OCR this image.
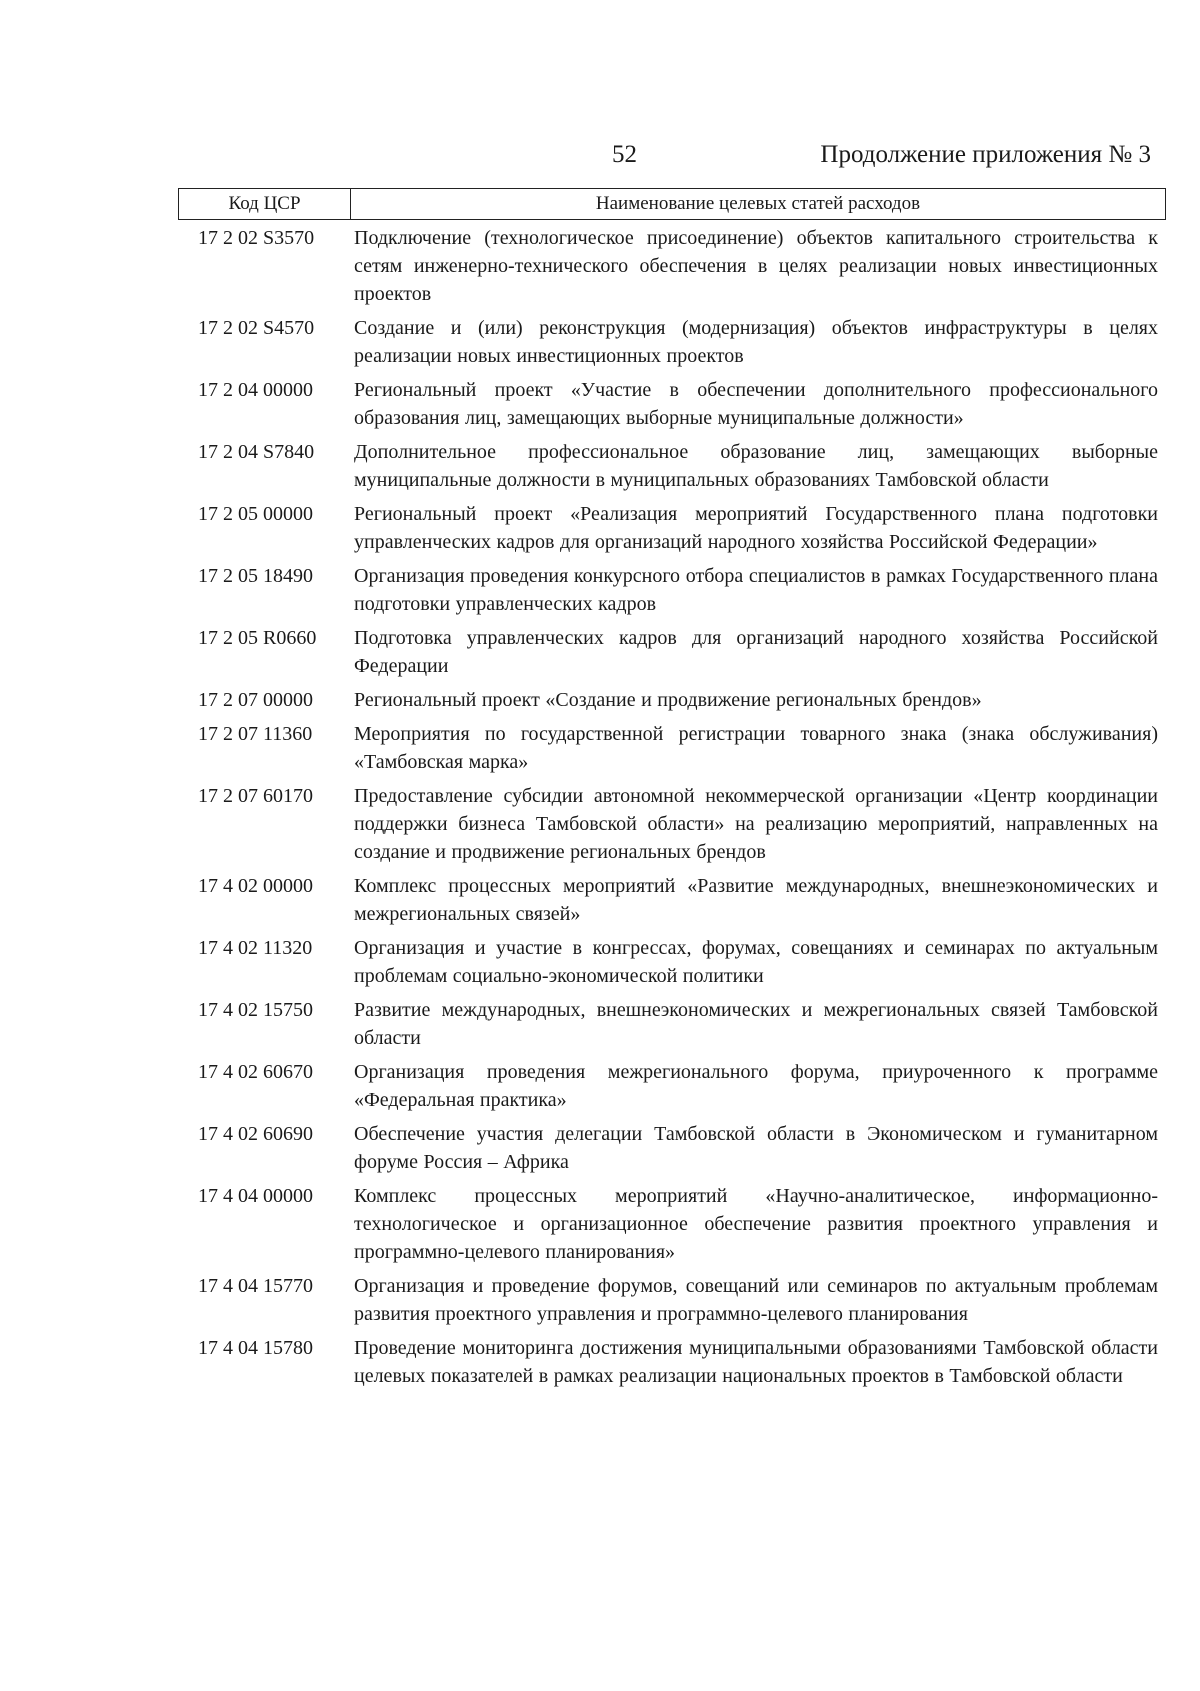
52	Продолжение приложения № 3
Код ЦСР	Наименование целевых статей расходов
17 2 02 S3570	Подключение (технологическое присоединение) объектов капитального строительства к сетям инженерно-технического обеспечения в целях реализации новых инвестиционных проектов
17 2 02 S4570	Создание и (или) реконструкция (модернизация) объектов инфраструктуры в целях реализации новых инвестиционных проектов
17 2 04 00000	Региональный проект «Участие в обеспечении дополнительного профессионального образования лиц, замещающих выборные муниципальные должности»
17 2 04 S7840	Дополнительное профессиональное образование лиц, замещающих выборные муниципальные должности в муниципальных образованиях Тамбовской области
17 2 05 00000	Региональный проект «Реализация мероприятий Государственного плана подготовки управленческих кадров для организаций народного хозяйства Российской Федерации»
17 2 05 18490	Организация проведения конкурсного отбора специалистов в рамках Государственного плана подготовки управленческих кадров
17 2 05 R0660	Подготовка управленческих кадров для организаций народного хозяйства Российской Федерации
17 2 07 00000	Региональный проект «Создание и продвижение региональных брендов»
17 2 07 11360	Мероприятия по государственной регистрации товарного знака (знака обслуживания) «Тамбовская марка»
17 2 07 60170	Предоставление субсидии автономной некоммерческой организации «Центр координации поддержки бизнеса Тамбовской области» на реализацию мероприятий, направленных на создание и продвижение региональных брендов
17 4 02 00000	Комплекс процессных мероприятий «Развитие международных, внешнеэкономических и межрегиональных связей»
17 4 02 11320	Организация и участие в конгрессах, форумах, совещаниях и семинарах по актуальным проблемам социально-экономической политики
17 4 02 15750	Развитие международных, внешнеэкономических и межрегиональных связей Тамбовской области
17 4 02 60670	Организация проведения межрегионального форума, приуроченного к программе «Федеральная практика»
17 4 02 60690	Обеспечение участия делегации Тамбовской области в Экономическом и гуманитарном форуме Россия – Африка
17 4 04 00000	Комплекс процессных мероприятий «Научно-аналитическое, информационно-технологическое и организационное обеспечение развития проектного управления и программно-целевого планирования»
17 4 04 15770	Организация и проведение форумов, совещаний или семинаров по актуальным проблемам развития проектного управления и программно-целевого планирования
17 4 04 15780	Проведение мониторинга достижения муниципальными образованиями Тамбовской области целевых показателей в рамках реализации национальных проектов в Тамбовской области
